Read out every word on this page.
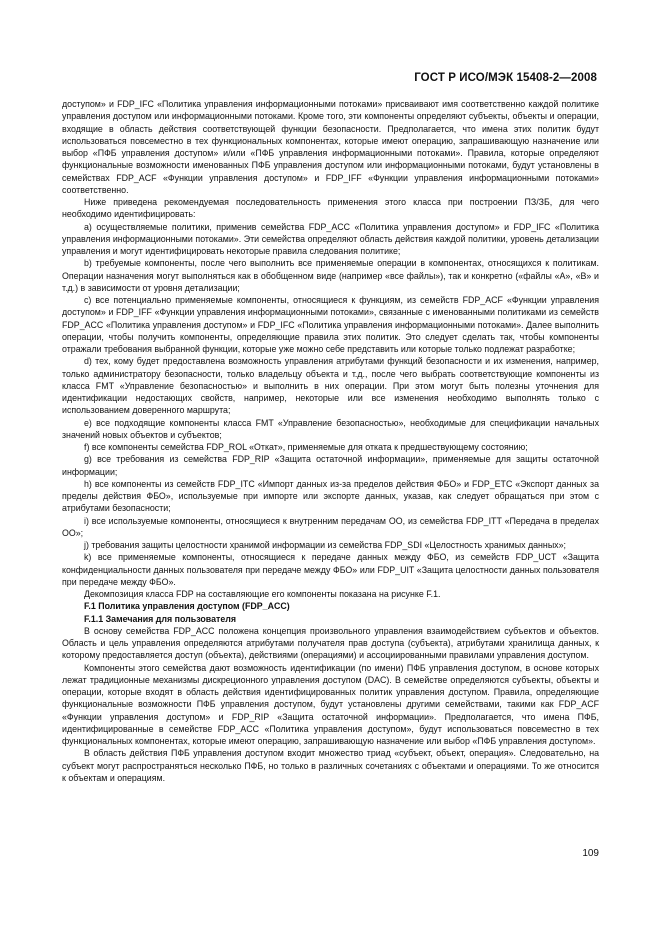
ГОСТ Р ИСО/МЭК 15408-2—2008

доступом» и FDP_IFC «Политика управления информационными потоками» присваивают имя соответственно каждой политике управления доступом или информационными потоками. Кроме того, эти компоненты определяют субъекты, объекты и операции, входящие в область действия соответствующей функции безопасности. Предполагается, что имена этих политик будут использоваться повсеместно в тех функциональных компонентах, которые имеют операцию, запрашивающую назначение или выбор «ПФБ управления доступом» и/или «ПФБ управления информационными потоками». Правила, которые определяют функциональные возможности именованных ПФБ управления доступом или информационными потоками, будут установлены в семействах FDP_ACF «Функции управления доступом» и FDP_IFF «Функции управления информационными потоками» соответственно.

Ниже приведена рекомендуемая последовательность применения этого класса при построении ПЗ/ЗБ, для чего необходимо идентифицировать:

a) осуществляемые политики, применив семейства FDP_ACC «Политика управления доступом» и FDP_IFC «Политика управления информационными потоками». Эти семейства определяют область действия каждой политики, уровень детализации управления и могут идентифицировать некоторые правила следования политике;

b) требуемые компоненты, после чего выполнить все применяемые операции в компонентах, относящихся к политикам. Операции назначения могут выполняться как в обобщенном виде (например «все файлы»), так и конкретно («файлы «А», «В» и т.д.) в зависимости от уровня детализации;

c) все потенциально применяемые компоненты, относящиеся к функциям, из семейств FDP_ACF «Функции управления доступом» и FDP_IFF «Функции управления информационными потоками», связанные с именованными политиками из семейств FDP_ACC «Политика управления доступом» и FDP_IFC «Политика управления информационными потоками». Далее выполнить операции, чтобы получить компоненты, определяющие правила этих политик. Это следует сделать так, чтобы компоненты отражали требования выбранной функции, которые уже можно себе представить или которые только подлежат разработке;

d) тех, кому будет предоставлена возможность управления атрибутами функций безопасности и их изменения, например, только администратору безопасности, только владельцу объекта и т.д., после чего выбрать соответствующие компоненты из класса FMT «Управление безопасностью» и выполнить в них операции. При этом могут быть полезны уточнения для идентификации недостающих свойств, например, некоторые или все изменения необходимо выполнять только с использованием доверенного маршрута;

e) все подходящие компоненты класса FMT «Управление безопасностью», необходимые для спецификации начальных значений новых объектов и субъектов;

f) все компоненты семейства FDP_ROL «Откат», применяемые для отката к предшествующему состоянию;

g) все требования из семейства FDP_RIP «Защита остаточной информации», применяемые для защиты остаточной информации;

h) все компоненты из семейств FDP_ITC «Импорт данных из-за пределов действия ФБО» и FDP_ETC «Экспорт данных за пределы действия ФБО», используемые при импорте или экспорте данных, указав, как следует обращаться при этом с атрибутами безопасности;

i) все используемые компоненты, относящиеся к внутренним передачам ОО, из семейства FDP_ITT «Передача в пределах ОО»;

j) требования защиты целостности хранимой информации из семейства FDP_SDI «Целостность хранимых данных»;

k) все применяемые компоненты, относящиеся к передаче данных между ФБО, из семейств FDP_UCT «Защита конфиденциальности данных пользователя при передаче между ФБО» или FDP_UIT «Защита целостности данных пользователя при передаче между ФБО».

Декомпозиция класса FDP на составляющие его компоненты показана на рисунке F.1.

F.1 Политика управления доступом (FDP_ACC)

F.1.1 Замечания для пользователя

В основу семейства FDP_ACC положена концепция произвольного управления взаимодействием субъектов и объектов. Область и цель управления определяются атрибутами получателя прав доступа (субъекта), атрибутами хранилища данных, к которому предоставляется доступ (объекта), действиями (операциями) и ассоциированными правилами управления доступом.

Компоненты этого семейства дают возможность идентификации (по имени) ПФБ управления доступом, в основе которых лежат традиционные механизмы дискреционного управления доступом (DAC). В семействе определяются субъекты, объекты и операции, которые входят в область действия идентифицированных политик управления доступом. Правила, определяющие функциональные возможности ПФБ управления доступом, будут установлены другими семействами, такими как FDP_ACF «Функции управления доступом» и FDP_RIP «Защита остаточной информации». Предполагается, что имена ПФБ, идентифицированные в семействе FDP_ACC «Политика управления доступом», будут использоваться повсеместно в тех функциональных компонентах, которые имеют операцию, запрашивающую назначение или выбор «ПФБ управления доступом».

В область действия ПФБ управления доступом входит множество триад «субъект, объект, операция». Следовательно, на субъект могут распространяться несколько ПФБ, но только в различных сочетаниях с объектами и операциями. То же относится к объектам и операциям.

109
